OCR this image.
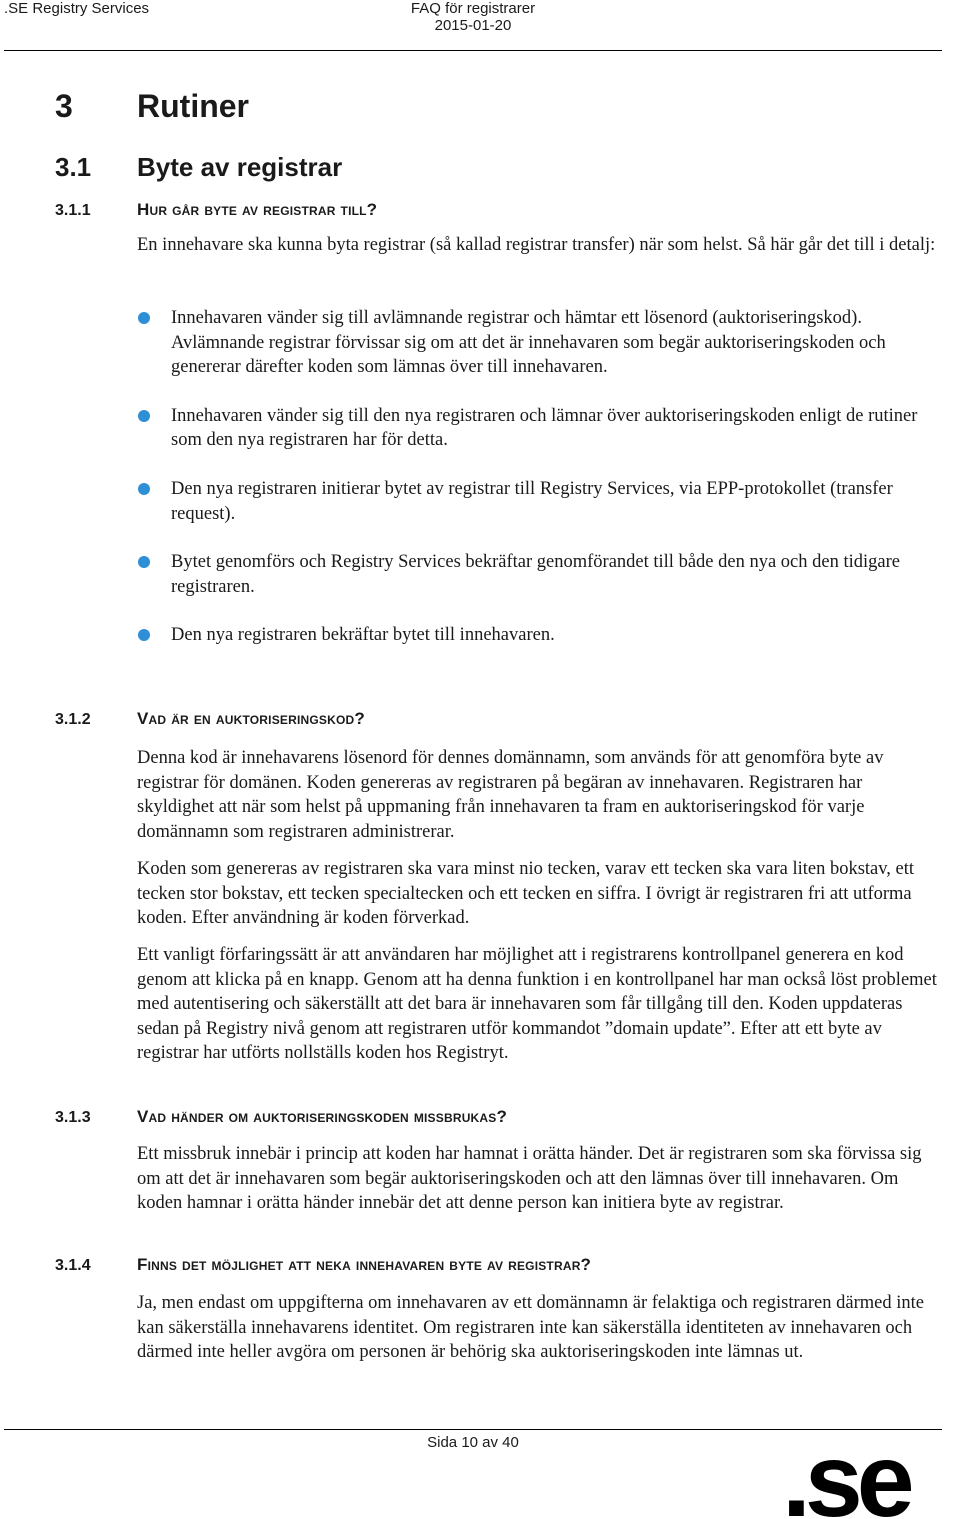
.SE Registry Services	FAQ för registrarer
2015-01-20
3 Rutiner
3.1 Byte av registrar
3.1.1	Hur går byte av registrar till?

En innehavare ska kunna byta registrar (så kallad registrar transfer) när som helst. Så här går det till i detalj:

Innehavaren vänder sig till avlämnande registrar och hämtar ett lösenord (auktoriseringskod). Avlämnande registrar förvissar sig om att det är innehavaren som begär auktoriseringskoden och genererar därefter koden som lämnas över till innehavaren.
Innehavaren vänder sig till den nya registraren och lämnar över auktoriseringskoden enligt de rutiner som den nya registraren har för detta.
Den nya registraren initierar bytet av registrar till Registry Services, via EPP-protokollet (transfer request).
Bytet genomförs och Registry Services bekräftar genomförandet till både den nya och den tidigare registraren.
Den nya registraren bekräftar bytet till innehavaren.
3.1.2	Vad är en auktoriseringskod?

Denna kod är innehavarens lösenord för dennes domännamn, som används för att genomföra byte av registrar för domänen. Koden genereras av registraren på begäran av innehavaren. Registraren har skyldighet att när som helst på uppmaning från innehavaren ta fram en auktoriseringskod för varje domännamn som registraren administrerar.

Koden som genereras av registraren ska vara minst nio tecken, varav ett tecken ska vara liten bokstav, ett tecken stor bokstav, ett tecken specialtecken och ett tecken en siffra. I övrigt är registraren fri att utforma koden. Efter användning är koden förverkad.

Ett vanligt förfaringssätt är att användaren har möjlighet att i registrarens kontrollpanel generera en kod genom att klicka på en knapp. Genom att ha denna funktion i en kontrollpanel har man också löst problemet med autentisering och säkerställt att det bara är innehavaren som får tillgång till den. Koden uppdateras sedan på Registry nivå genom att registraren utför kommandot ”domain update”. Efter att ett byte av registrar har utförts nollställs koden hos Registryt.

3.1.3	Vad händer om auktoriseringskoden missbrukas?

Ett missbruk innebär i princip att koden har hamnat i orätta händer. Det är registraren som ska förvissa sig om att det är innehavaren som begär auktoriseringskoden och att den lämnas över till innehavaren. Om koden hamnar i orätta händer innebär det att denne person kan initiera byte av registrar.

3.1.4	Finns det möjlighet att neka innehavaren byte av registrar?

Ja, men endast om uppgifterna om innehavaren av ett domännamn är felaktiga och registraren därmed inte kan säkerställa innehavarens identitet. Om registraren inte kan säkerställa identiteten av innehavaren och därmed inte heller avgöra om personen är behörig ska auktoriseringskoden inte lämnas ut.

Sida 10 av 40	.se
